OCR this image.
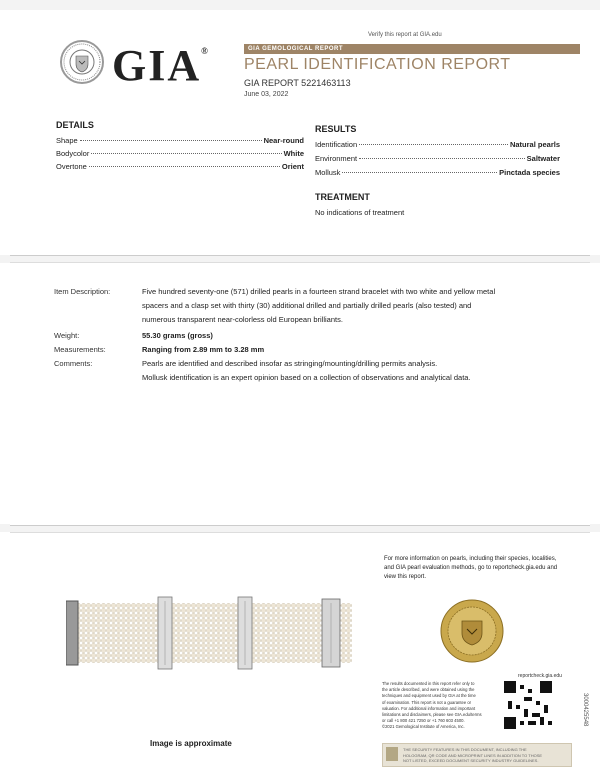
Verify this report at GIA.edu
GIA®	GIA GEMOLOGICAL REPORT
PEARL IDENTIFICATION REPORT
GIA REPORT 5221463113
June 03, 2022
DETAILS
Shape	Near-round
Bodycolor	White
Overtone	Orient
RESULTS
Identification	Natural pearls
Environment	Saltwater
Mollusk	Pinctada species
TREATMENT
No indications of treatment
Item Description:	Five hundred seventy-one (571) drilled pearls in a fourteen strand bracelet with two white and yellow metal
spacers and a clasp set with thirty (30) additional drilled and partially drilled pearls (also tested) and
numerous transparent near-colorless old European brilliants.
Weight:	55.30 grams (gross)
Measurements:	Ranging from 2.89 mm to 3.28 mm
Comments:	Pearls are identified and described insofar as stringing/mounting/drilling permits analysis.
Mollusk identification is an expert opinion based on a collection of observations and analytical data.
Image is approximate
For more information on pearls, including their species, localities,
and GIA pearl evaluation methods, go to reportcheck.gia.edu and
view this report.
reportcheck.gia.edu
The results documented in this report refer only to
the article described, and were obtained using the
techniques and equipment used by GIA at the time
of examination. This report is not a guarantee or
valuation. For additional information and important
limitations and disclaimers, please see GIA.edu/terms
or call +1 800 421 7250 or +1 760 603 4500.
©2021 Gemological Institute of America, Inc.
THE SECURITY FEATURES IN THIS DOCUMENT, INCLUDING THE
HOLOGRAM, QR CODE AND MICROPRINT LINES IN ADDITION TO THOSE
NOT LISTED, EXCEED DOCUMENT SECURITY INDUSTRY GUIDELINES.
3000425548
